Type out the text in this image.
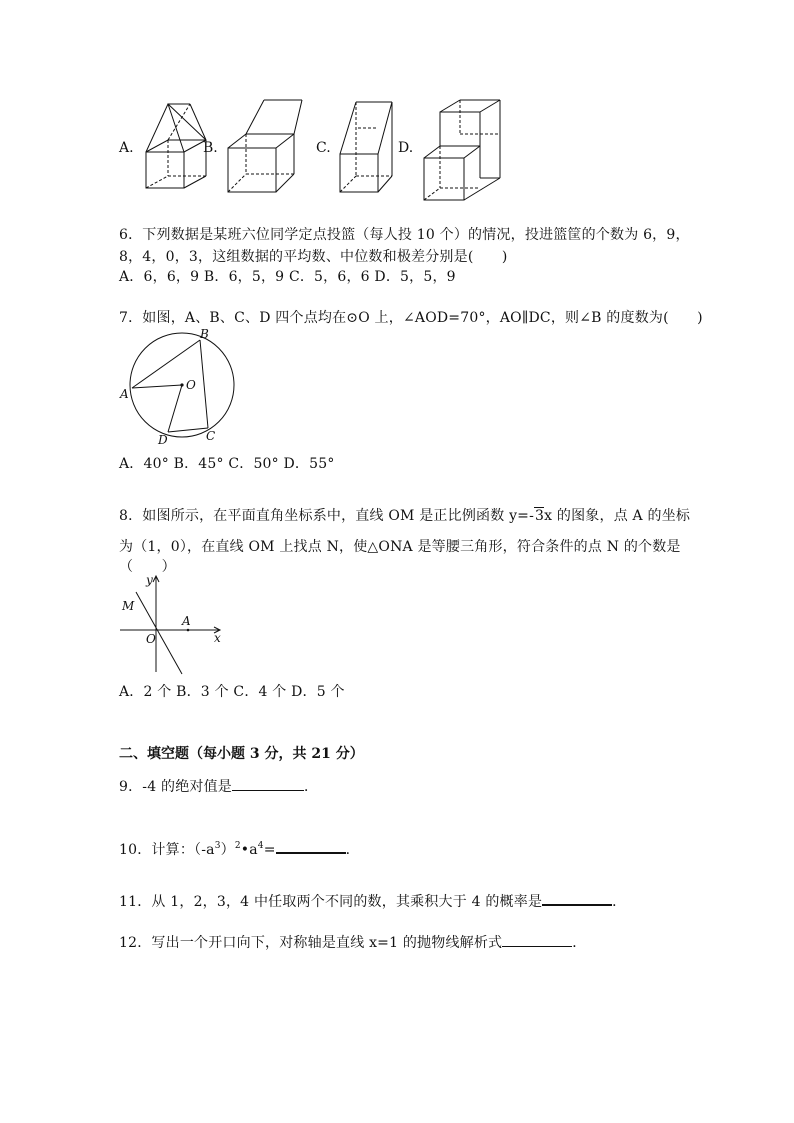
A.	B.	C.	D.
6．下列数据是某班六位同学定点投篮（每人投 10 个）的情况，投进篮筐的个数为 6，9，
8，4，0，3，这组数据的平均数、中位数和极差分别是(　　)
A．6，6，9 B．6，5，9 C．5，6，6 D．5，5，9
7．如图，A、B、C、D 四个点均在⊙O 上，∠AOD=70°，AO∥DC，则∠B 的度数为(　　)
A
B
C
D
O
A．40° B．45° C．50° D．55°
8．如图所示，在平面直角坐标系中，直线 OM 是正比例函数 y=-3x 的图象，点 A 的坐标
为（1，0），在直线 OM 上找点 N，使△ONA 是等腰三角形，符合条件的点 N 的个数是
（　　）
y
x
M
O
A
A．2 个 B．3 个 C．4 个 D．5 个
二、填空题（每小题 3 分，共 21 分）
9．-4 的绝对值是	．
10．计算：$(-a^3)^2•a^4=$	．
11．从 1，2，3，4 中任取两个不同的数，其乘积大于 4 的概率是	．
12．写出一个开口向下，对称轴是直线 x=1 的抛物线解析式	．
